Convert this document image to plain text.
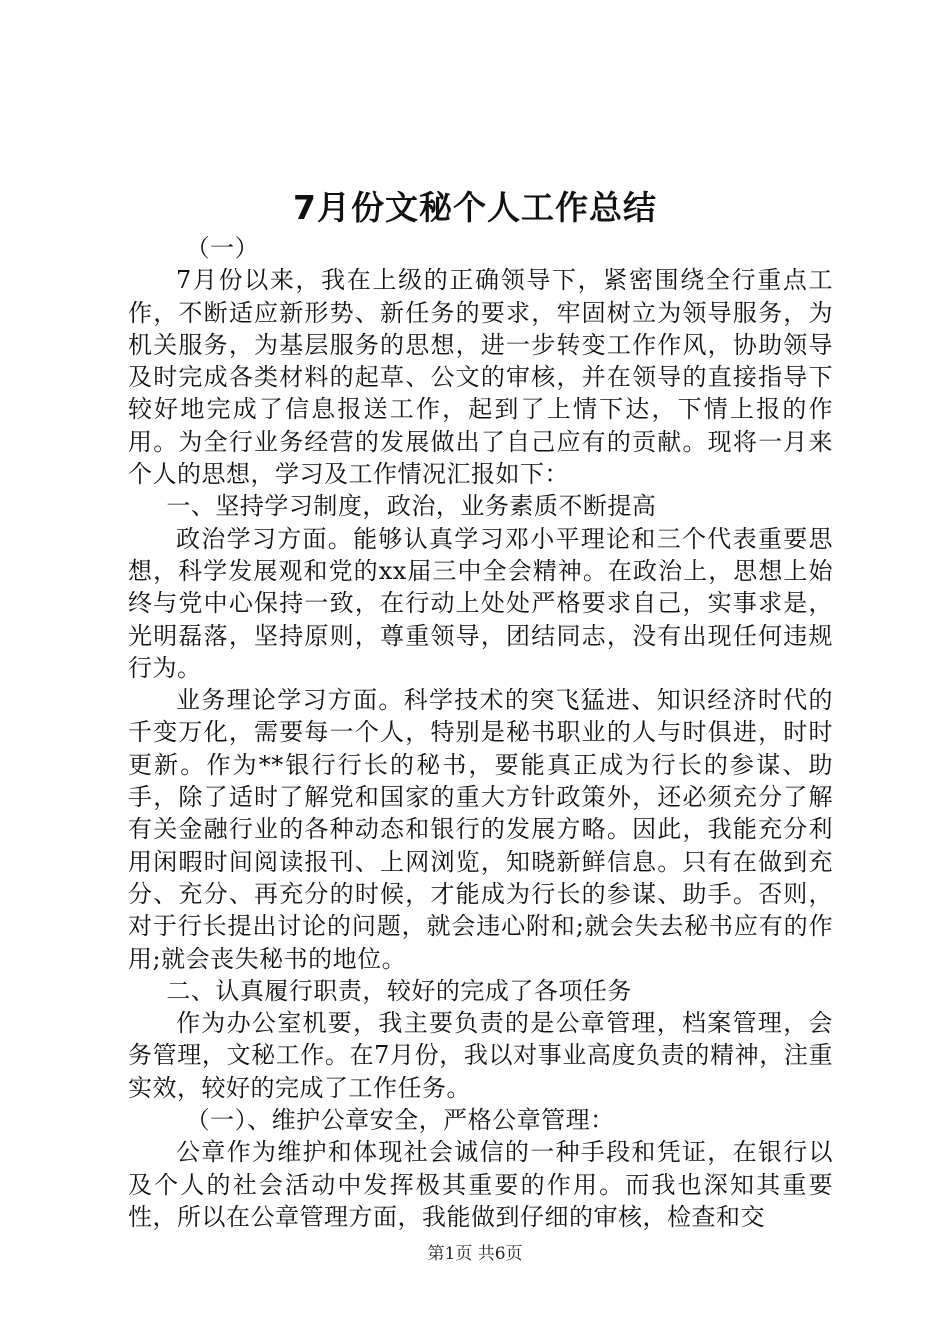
7月份文秘个人工作总结

（一）

7月份以来，我在上级的正确领导下，紧密围绕全行重点工作，不断适应新形势、新任务的要求，牢固树立为领导服务，为机关服务，为基层服务的思想，进一步转变工作作风，协助领导及时完成各类材料的起草、公文的审核，并在领导的直接指导下较好地完成了信息报送工作，起到了上情下达，下情上报的作用。为全行业务经营的发展做出了自己应有的贡献。现将一月来个人的思想，学习及工作情况汇报如下：

一、坚持学习制度，政治，业务素质不断提高

政治学习方面。能够认真学习邓小平理论和三个代表重要思想，科学发展观和党的xx届三中全会精神。在政治上，思想上始终与党中心保持一致，在行动上处处严格要求自己，实事求是，光明磊落，坚持原则，尊重领导，团结同志，没有出现任何违规行为。

业务理论学习方面。科学技术的突飞猛进、知识经济时代的千变万化，需要每一个人，特别是秘书职业的人与时俱进，时时更新。作为**银行行长的秘书，要能真正成为行长的参谋、助手，除了适时了解党和国家的重大方针政策外，还必须充分了解有关金融行业的各种动态和银行的发展方略。因此，我能充分利用闲暇时间阅读报刊、上网浏览，知晓新鲜信息。只有在做到充分、充分、再充分的时候，才能成为行长的参谋、助手。否则，对于行长提出讨论的问题，就会违心附和;就会失去秘书应有的作用;就会丧失秘书的地位。

二、认真履行职责，较好的完成了各项任务

作为办公室机要，我主要负责的是公章管理，档案管理，会务管理，文秘工作。在7月份，我以对事业高度负责的精神，注重实效，较好的完成了工作任务。

（一）、维护公章安全，严格公章管理：

公章作为维护和体现社会诚信的一种手段和凭证，在银行以及个人的社会活动中发挥极其重要的作用。而我也深知其重要性，所以在公章管理方面，我能做到仔细的审核，检查和交

第1页 共6页
